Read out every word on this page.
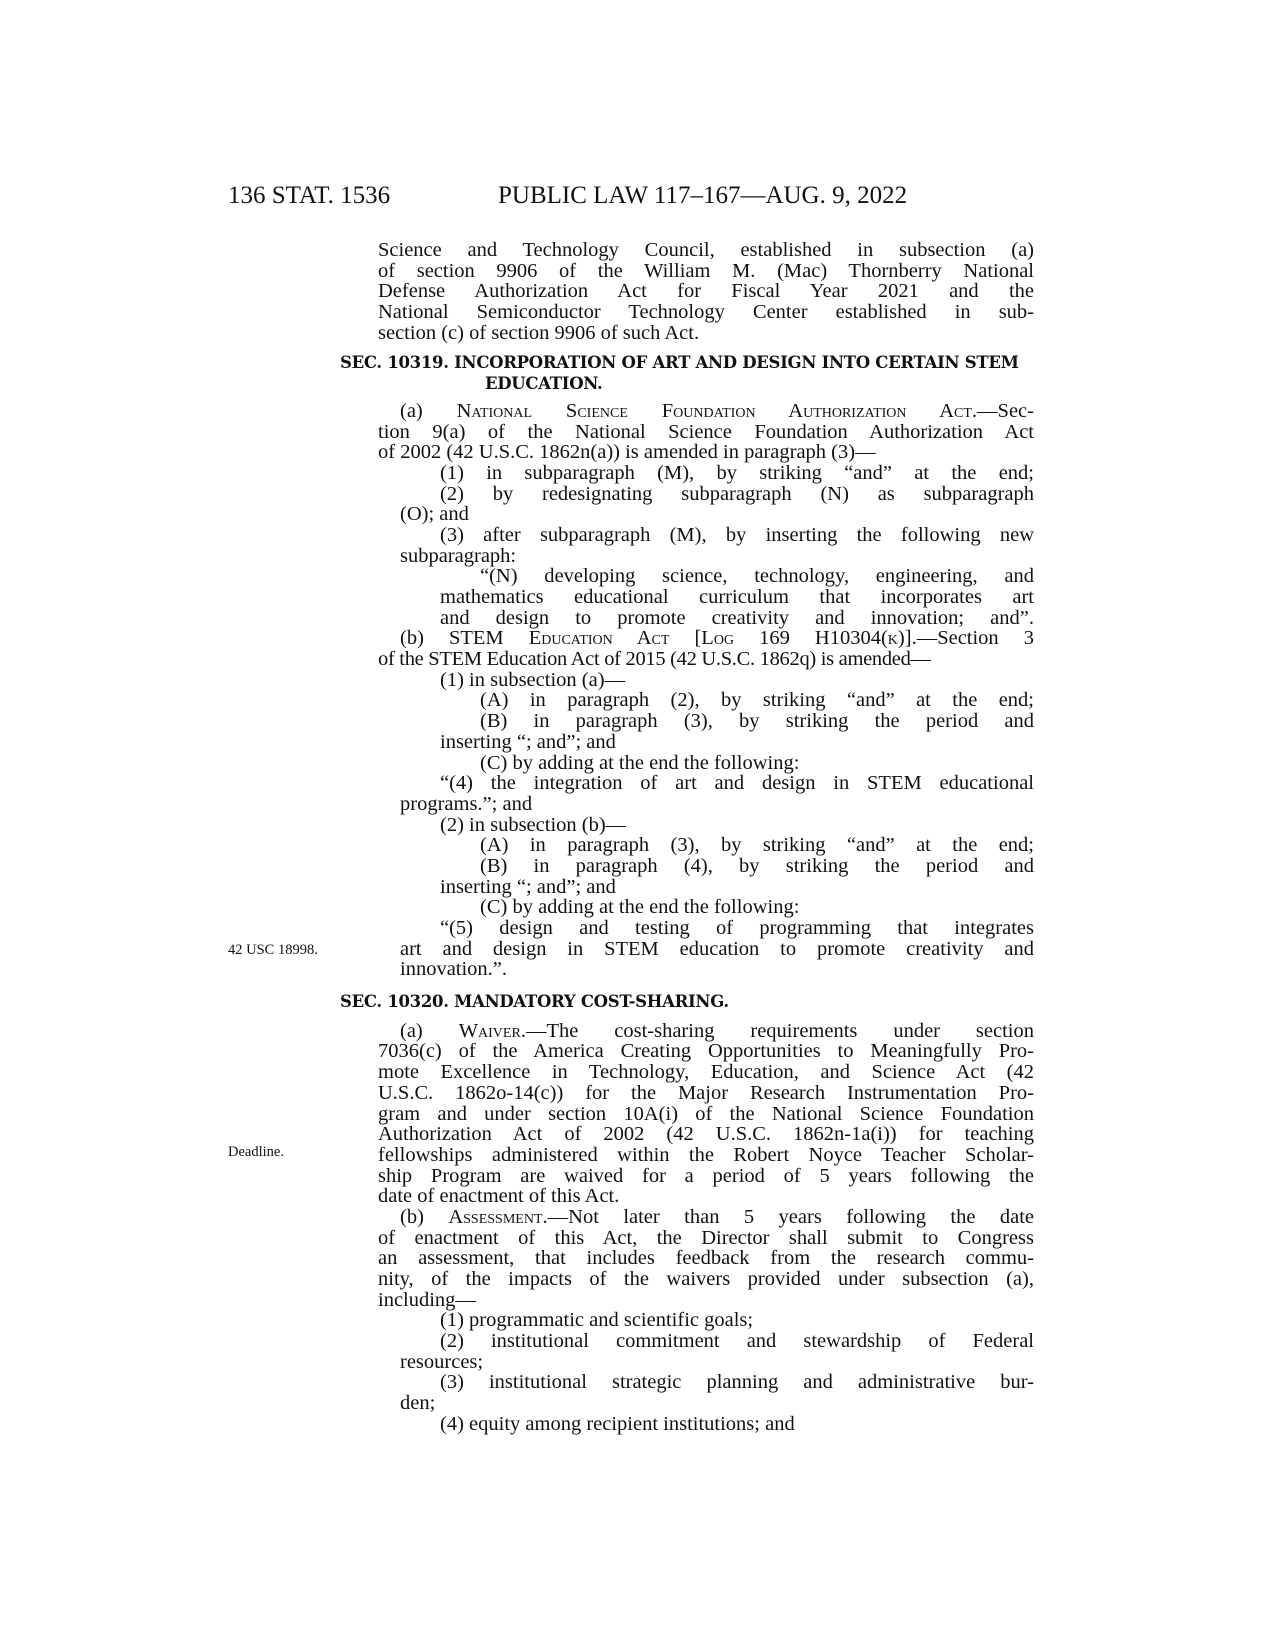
136 STAT. 1536	PUBLIC LAW 117–167—AUG. 9, 2022
42 USC 18998.
Deadline.
Science and Technology Council, established in subsection (a)
of section 9906 of the William M. (Mac) Thornberry National
Defense Authorization Act for Fiscal Year 2021 and the
National Semiconductor Technology Center established in sub-
section (c) of section 9906 of such Act.
SEC. 10319. INCORPORATION OF ART AND DESIGN INTO CERTAIN STEM
EDUCATION.
(a) National Science Foundation Authorization Act.—Sec-
tion 9(a) of the National Science Foundation Authorization Act
of 2002 (42 U.S.C. 1862n(a)) is amended in paragraph (3)—
(1) in subparagraph (M), by striking “and” at the end;
(2) by redesignating subparagraph (N) as subparagraph
(O); and
(3) after subparagraph (M), by inserting the following new
subparagraph:
“(N) developing science, technology, engineering, and
mathematics educational curriculum that incorporates art
and design to promote creativity and innovation; and”.
(b) STEM Education Act [Log 169 H10304(k)].—Section 3
of the STEM Education Act of 2015 (42 U.S.C. 1862q) is amended—
(1) in subsection (a)—
(A) in paragraph (2), by striking “and” at the end;
(B) in paragraph (3), by striking the period and
inserting “; and”; and
(C) by adding at the end the following:
“(4) the integration of art and design in STEM educational
programs.”; and
(2) in subsection (b)—
(A) in paragraph (3), by striking “and” at the end;
(B) in paragraph (4), by striking the period and
inserting “; and”; and
(C) by adding at the end the following:
“(5) design and testing of programming that integrates
art and design in STEM education to promote creativity and
innovation.”.
SEC. 10320. MANDATORY COST-SHARING.
(a) Waiver.—The cost-sharing requirements under section
7036(c) of the America Creating Opportunities to Meaningfully Pro-
mote Excellence in Technology, Education, and Science Act (42
U.S.C. 1862o-14(c)) for the Major Research Instrumentation Pro-
gram and under section 10A(i) of the National Science Foundation
Authorization Act of 2002 (42 U.S.C. 1862n-1a(i)) for teaching
fellowships administered within the Robert Noyce Teacher Scholar-
ship Program are waived for a period of 5 years following the
date of enactment of this Act.
(b) Assessment.—Not later than 5 years following the date
of enactment of this Act, the Director shall submit to Congress
an assessment, that includes feedback from the research commu-
nity, of the impacts of the waivers provided under subsection (a),
including—
(1) programmatic and scientific goals;
(2) institutional commitment and stewardship of Federal
resources;
(3) institutional strategic planning and administrative bur-
den;
(4) equity among recipient institutions; and
